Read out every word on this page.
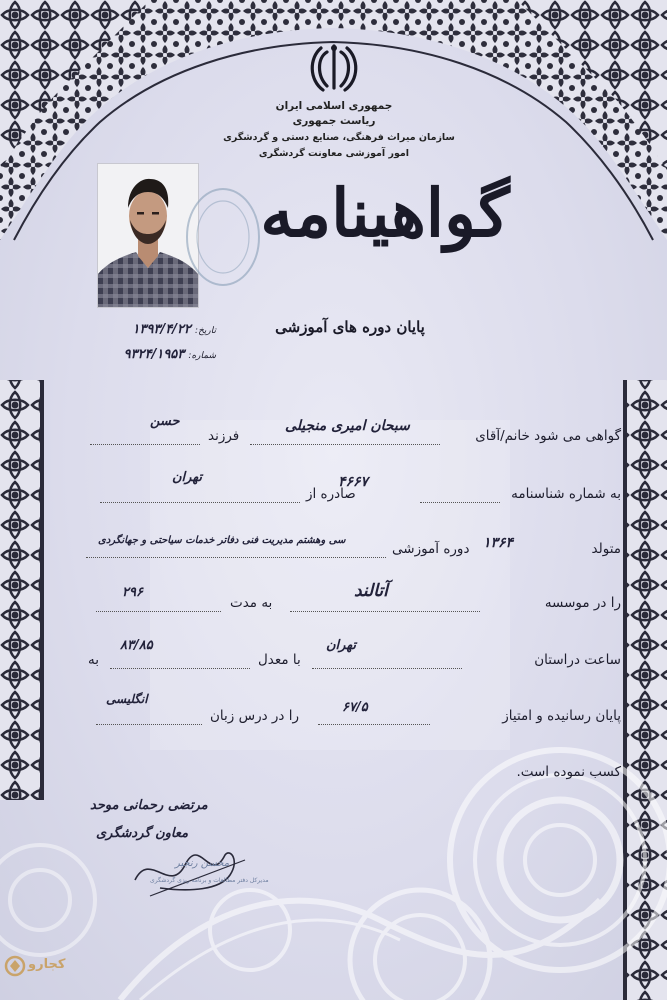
جمهوری اسلامی ایران
ریاست جمهوری
سازمان میراث فرهنگی، صنایع دستی و گردشگری
امور آموزشی معاونت گردشگری
گواهینامه
پایان دوره های آموزشی
تاریخ: ۱۳۹۳/۴/۲۲
شماره: ۹۳۲۴/۱۹۵۳
گواهی می شود خانم/آقای
سبحان امیری منجیلی
فرزند
حسن
به شماره شناسنامه
۴۶۶۷
صادره از
تهران
متولد
۱۳۶۴
دوره آموزشی
سی وهشتم مدیریت فنی دفاتر خدمات سیاحتی و جهانگردی
را در موسسه
آتالند
به مدت
۲۹۶
ساعت دراستان
تهران
با معدل
۸۳/۸۵
به
پایان رسانیده و امتیاز
۶۷/۵
را در درس زبان
انگلیسی
کسب نموده است.
مرتضی رحمانی موحد
معاون گردشگری
محسن رنجبر
مدیرکل دفتر مطالعات و برنامه ریزی گردشگری
کجارو
